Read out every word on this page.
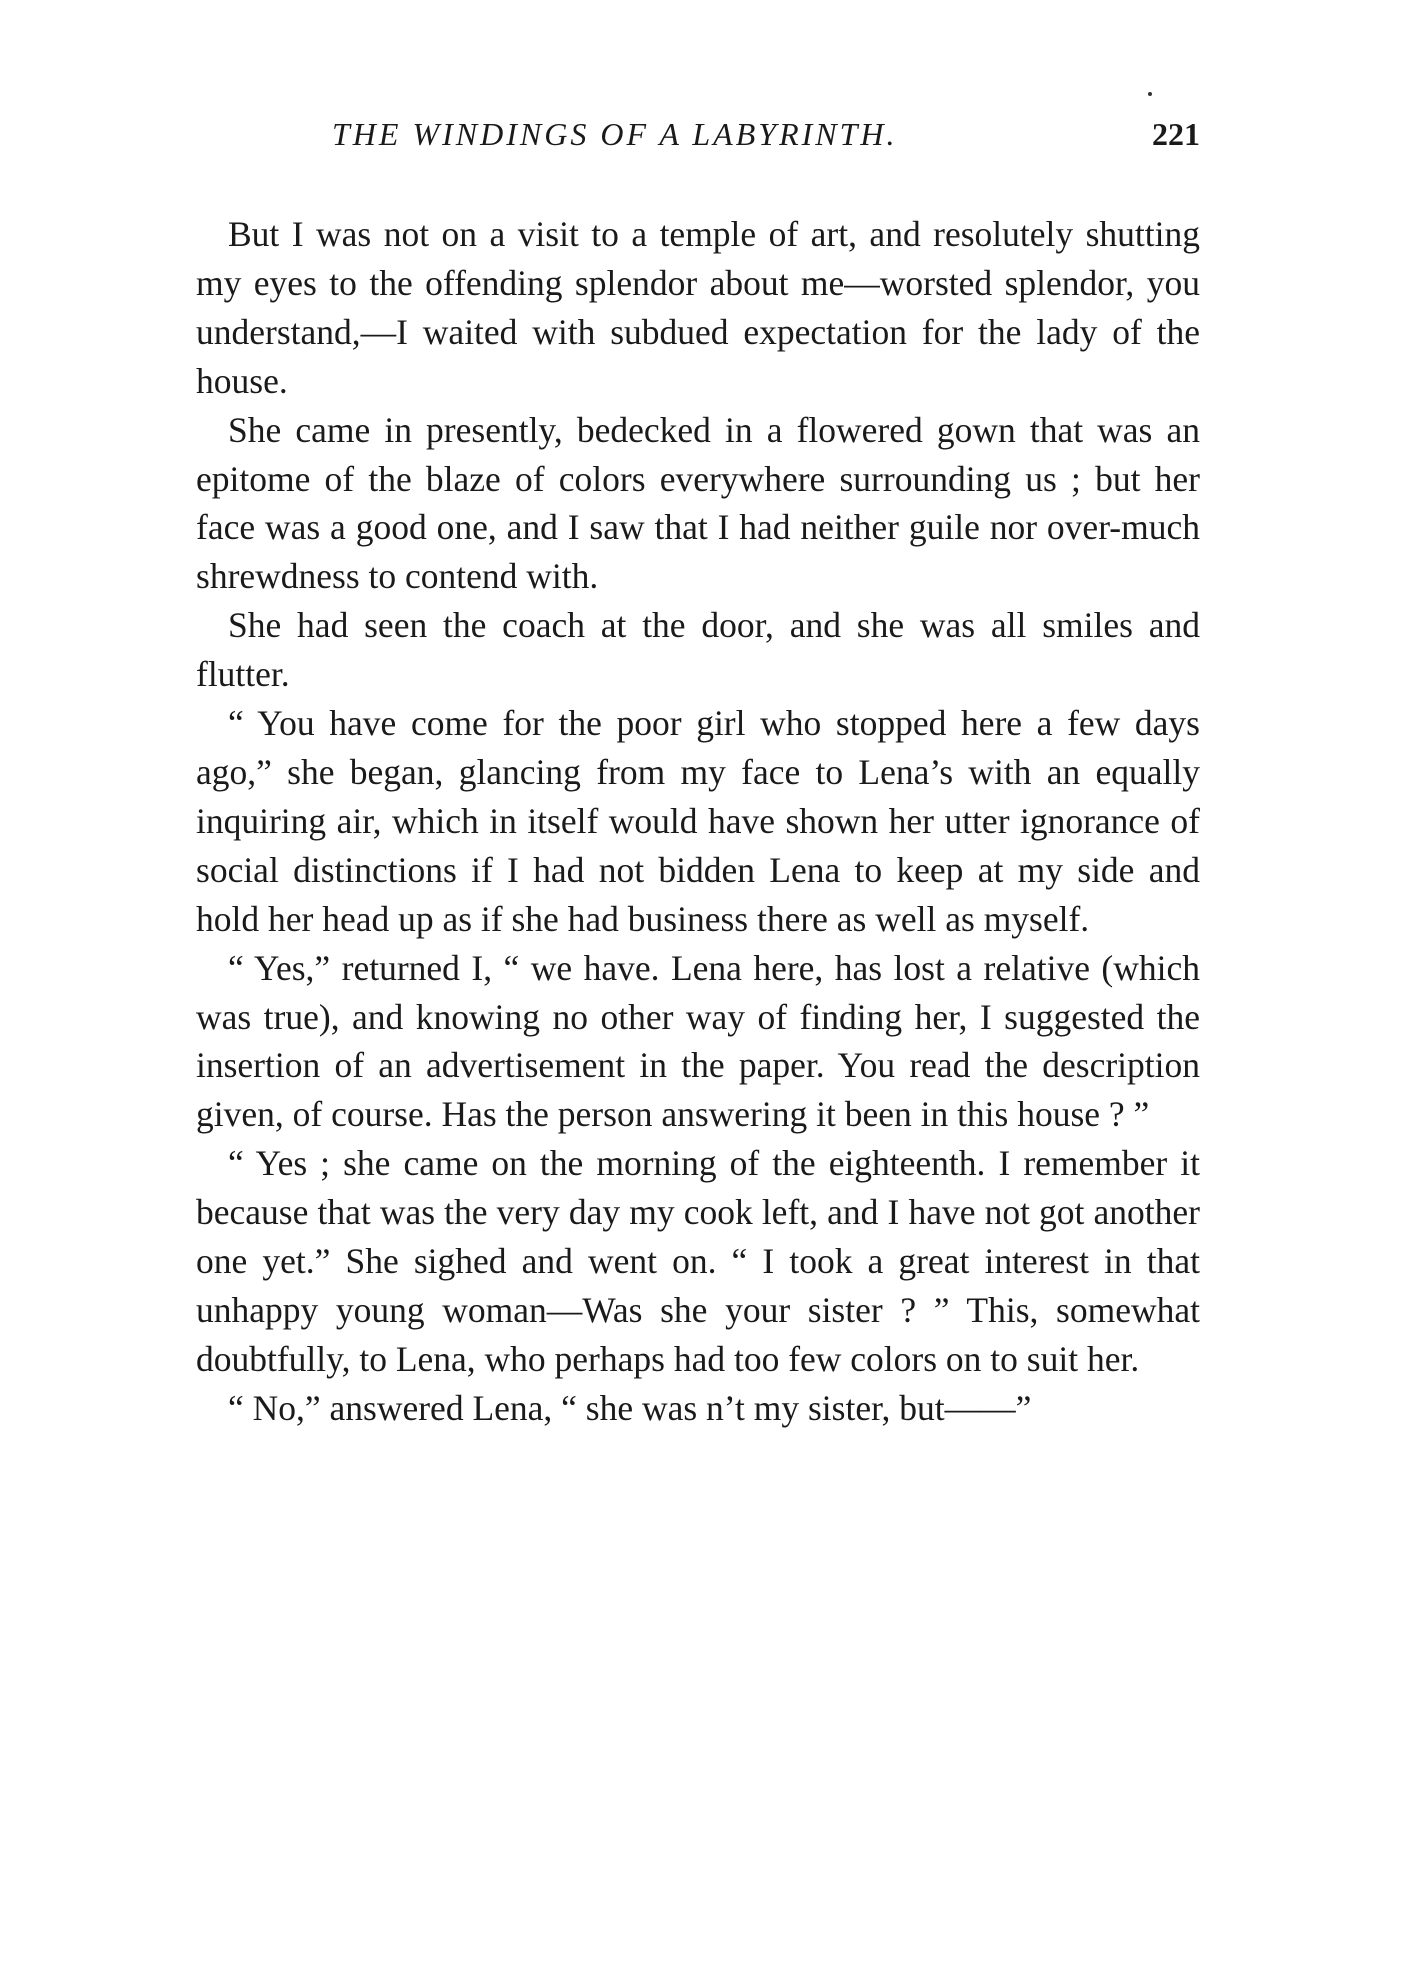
THE WINDINGS OF A LABYRINTH.	221

But I was not on a visit to a temple of art, and resolutely shutting my eyes to the offending splendor about me—worsted splendor, you understand,—I waited with subdued expectation for the lady of the house.

She came in presently, bedecked in a flowered gown that was an epitome of the blaze of colors everywhere surrounding us ; but her face was a good one, and I saw that I had neither guile nor over-much shrewdness to contend with.

She had seen the coach at the door, and she was all smiles and flutter.

“ You have come for the poor girl who stopped here a few days ago,” she began, glancing from my face to Lena’s with an equally inquiring air, which in itself would have shown her utter ignorance of social distinctions if I had not bidden Lena to keep at my side and hold her head up as if she had business there as well as myself.

“ Yes,” returned I, “ we have. Lena here, has lost a relative (which was true), and knowing no other way of finding her, I suggested the insertion of an advertisement in the paper. You read the description given, of course. Has the person answering it been in this house ? ”

“ Yes ; she came on the morning of the eighteenth. I remember it because that was the very day my cook left, and I have not got another one yet.” She sighed and went on. “ I took a great interest in that unhappy young woman—Was she your sister ? ” This, somewhat doubtfully, to Lena, who perhaps had too few colors on to suit her.

“ No,” answered Lena, “ she was n’t my sister, but——”
